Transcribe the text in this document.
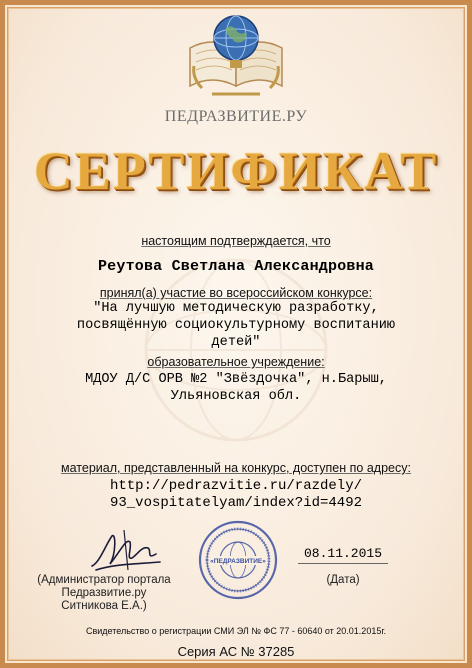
ПЕДРАЗВИТИЕ.РУ
СЕРТИФИКАТ
настоящим подтверждается, что
Реутова Светлана Александровна
принял(а) участие во всероссийском конкурсе:
"На лучшую методическую разработку,
посвящённую социокультурному воспитанию
детей"
образовательное учреждение:
МДОУ Д/С ОРВ №2 "Звёздочка", н.Барыш,
Ульяновская обл.
материал, представленный на конкурс, доступен по адресу:
http://pedrazvitie.ru/razdely/
93_vospitatelyam/index?id=4492
«ПЕДРАЗВИТИЕ»
08.11.2015
(Дата)
(Администратор портала
Педразвитие.ру
Ситникова Е.А.)
Свидетельство о регистрации СМИ ЭЛ № ФС 77 - 60640 от 20.01.2015г.
Серия АС № 37285
